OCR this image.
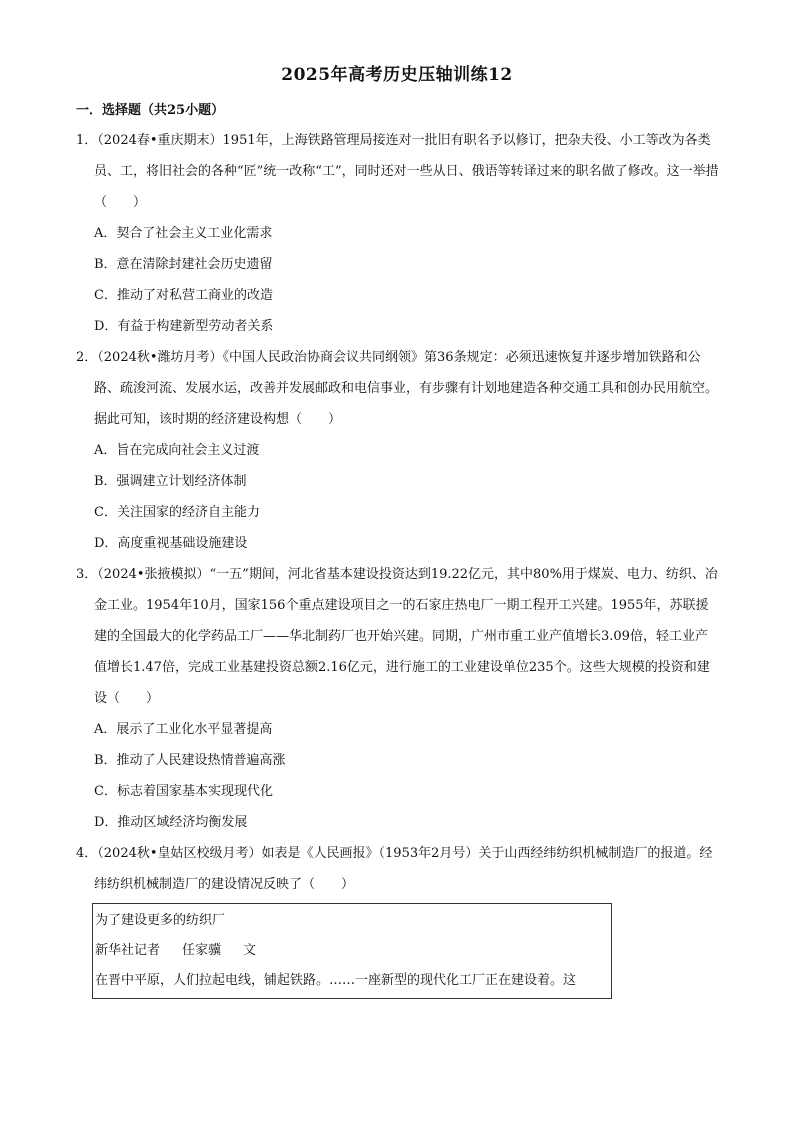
2025年高考历史压轴训练12
一．选择题（共25小题）
1．（2024春•重庆期末）1951年，上海铁路管理局接连对一批旧有职名予以修订，把杂夫役、小工等改为各类员、工，将旧社会的各种“匠”统一改称“工”，同时还对一些从日、俄语等转译过来的职名做了修改。这一举措（　　）
A．契合了社会主义工业化需求
B．意在清除封建社会历史遗留
C．推动了对私营工商业的改造
D．有益于构建新型劳动者关系
2．（2024秋•潍坊月考）《中国人民政治协商会议共同纲领》第36条规定：必须迅速恢复并逐步增加铁路和公路、疏浚河流、发展水运，改善并发展邮政和电信事业，有步骤有计划地建造各种交通工具和创办民用航空。据此可知，该时期的经济建设构想（　　）
A．旨在完成向社会主义过渡
B．强调建立计划经济体制
C．关注国家的经济自主能力
D．高度重视基础设施建设
3．（2024•张掖模拟）“一五”期间，河北省基本建设投资达到19.22亿元，其中80%用于煤炭、电力、纺织、冶金工业。1954年10月，国家156个重点建设项目之一的石家庄热电厂一期工程开工兴建。1955年，苏联援建的全国最大的化学药品工厂——华北制药厂也开始兴建。同期，广州市重工业产值增长3.09倍，轻工业产值增长1.47倍，完成工业基建投资总额2.16亿元，进行施工的工业建设单位235个。这些大规模的投资和建设（　　）
A．展示了工业化水平显著提高
B．推动了人民建设热情普遍高涨
C．标志着国家基本实现现代化
D．推动区域经济均衡发展
4．（2024秋•皇姑区校级月考）如表是《人民画报》（1953年2月号）关于山西经纬纺织机械制造厂的报道。经纬纺织机械制造厂的建设情况反映了（　　）
为了建设更多的纺织厂
新华社记者 任家骥 文
在晋中平原，人们拉起电线，铺起铁路。……一座新型的现代化工厂正在建设着。这
